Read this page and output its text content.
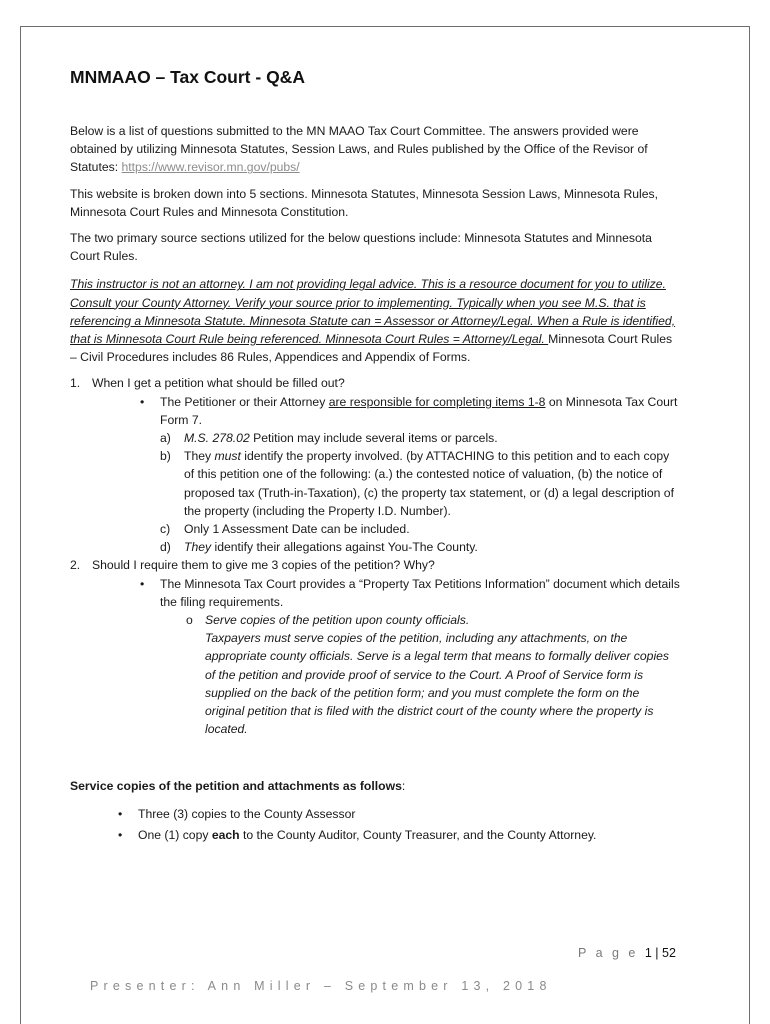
MNMAAO – Tax Court - Q&A

Below is a list of questions submitted to the MN MAAO Tax Court Committee. The answers provided were obtained by utilizing Minnesota Statutes, Session Laws, and Rules published by the Office of the Revisor of Statutes: https://www.revisor.mn.gov/pubs/

This website is broken down into 5 sections. Minnesota Statutes, Minnesota Session Laws, Minnesota Rules, Minnesota Court Rules and Minnesota Constitution.

The two primary source sections utilized for the below questions include: Minnesota Statutes and Minnesota Court Rules.

This instructor is not an attorney. I am not providing legal advice. This is a resource document for you to utilize. Consult your County Attorney. Verify your source prior to implementing. Typically when you see M.S. that is referencing a Minnesota Statute. Minnesota Statute can = Assessor or Attorney/Legal. When a Rule is identified, that is Minnesota Court Rule being referenced. Minnesota Court Rules = Attorney/Legal. Minnesota Court Rules – Civil Procedures includes 86 Rules, Appendices and Appendix of Forms.

1. When I get a petition what should be filled out?
• The Petitioner or their Attorney are responsible for completing items 1-8 on Minnesota Tax Court Form 7.
a) M.S. 278.02 Petition may include several items or parcels.
b) They must identify the property involved. (by ATTACHING to this petition and to each copy of this petition one of the following: (a.) the contested notice of valuation, (b) the notice of proposed tax (Truth-in-Taxation), (c) the property tax statement, or (d) a legal description of the property (including the Property I.D. Number).
c) Only 1 Assessment Date can be included.
d) They identify their allegations against You-The County.
2. Should I require them to give me 3 copies of the petition? Why?
• The Minnesota Tax Court provides a “Property Tax Petitions Information” document which details the filing requirements.
o Serve copies of the petition upon county officials.
Taxpayers must serve copies of the petition, including any attachments, on the appropriate county officials. Serve is a legal term that means to formally deliver copies of the petition and provide proof of service to the Court. A Proof of Service form is supplied on the back of the petition form; and you must complete the form on the original petition that is filed with the district court of the county where the property is located.

Service copies of the petition and attachments as follows:

• Three (3) copies to the County Assessor
• One (1) copy each to the County Auditor, County Treasurer, and the County Attorney.
P a g e 1 | 52
Presenter: Ann Miller – September 13, 2018
